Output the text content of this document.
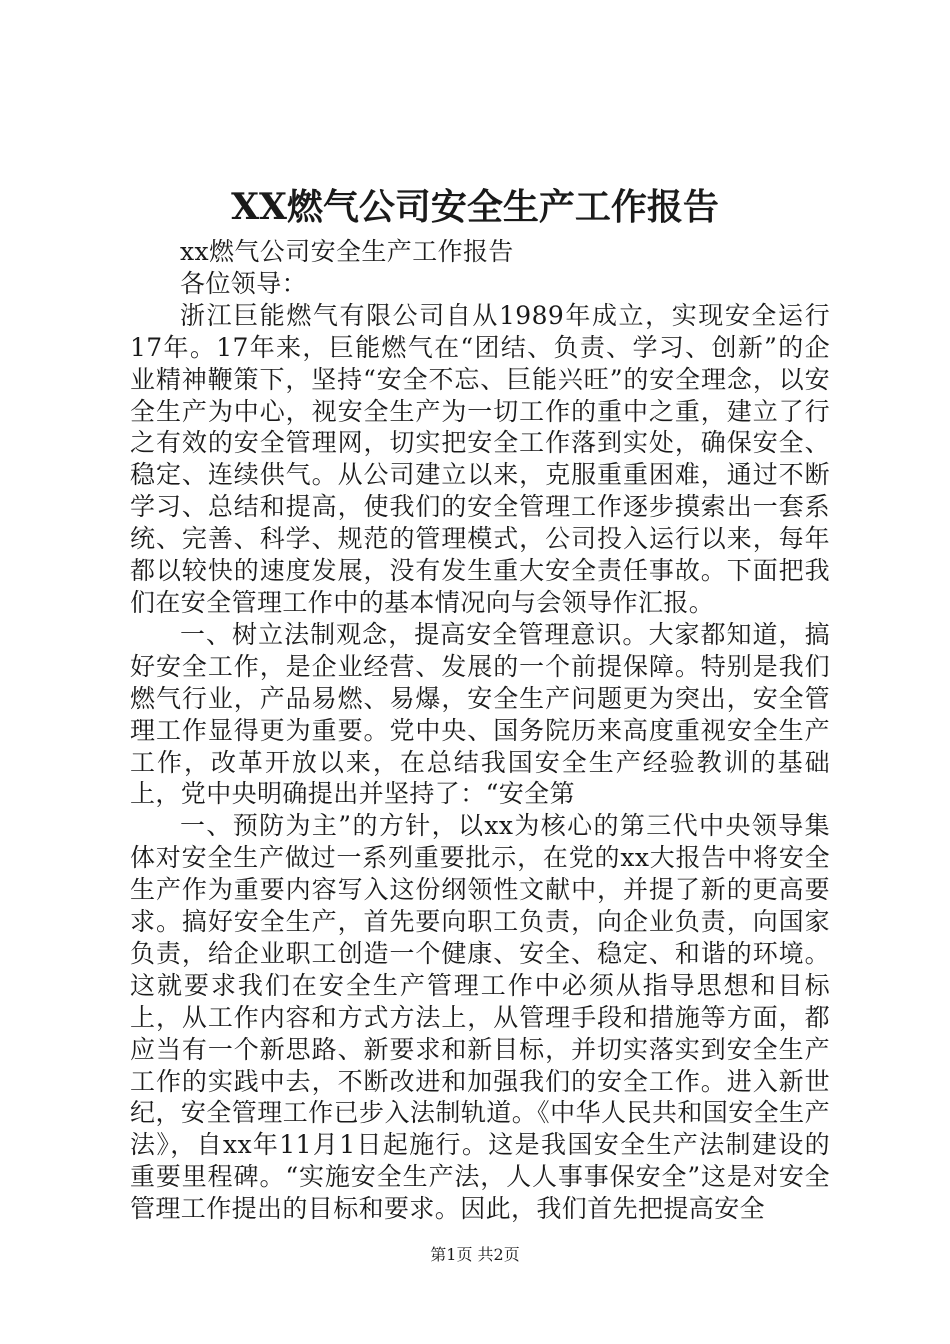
XX燃气公司安全生产工作报告

xx燃气公司安全生产工作报告

各位领导：

浙江巨能燃气有限公司自从1989年成立，实现安全运行17年。17年来，巨能燃气在“团结、负责、学习、创新”的企业精神鞭策下，坚持“安全不忘、巨能兴旺”的安全理念，以安全生产为中心，视安全生产为一切工作的重中之重，建立了行之有效的安全管理网，切实把安全工作落到实处，确保安全、稳定、连续供气。从公司建立以来，克服重重困难，通过不断学习、总结和提高，使我们的安全管理工作逐步摸索出一套系统、完善、科学、规范的管理模式，公司投入运行以来，每年都以较快的速度发展，没有发生重大安全责任事故。下面把我们在安全管理工作中的基本情况向与会领导作汇报。

一、树立法制观念，提高安全管理意识。大家都知道，搞好安全工作，是企业经营、发展的一个前提保障。特别是我们燃气行业，产品易燃、易爆，安全生产问题更为突出，安全管理工作显得更为重要。党中央、国务院历来高度重视安全生产工作，改革开放以来，在总结我国安全生产经验教训的基础上，党中央明确提出并坚持了：“安全第

一、预防为主”的方针，以xx为核心的第三代中央领导集体对安全生产做过一系列重要批示，在党的xx大报告中将安全生产作为重要内容写入这份纲领性文献中，并提了新的更高要求。搞好安全生产，首先要向职工负责，向企业负责，向国家负责，给企业职工创造一个健康、安全、稳定、和谐的环境。这就要求我们在安全生产管理工作中必须从指导思想和目标上，从工作内容和方式方法上，从管理手段和措施等方面，都应当有一个新思路、新要求和新目标，并切实落实到安全生产工作的实践中去，不断改进和加强我们的安全工作。进入新世纪，安全管理工作已步入法制轨道。《中华人民共和国安全生产法》，自xx年11月1日起施行。这是我国安全生产法制建设的重要里程碑。“实施安全生产法，人人事事保安全”这是对安全管理工作提出的目标和要求。因此，我们首先把提高安全

第1页 共2页
